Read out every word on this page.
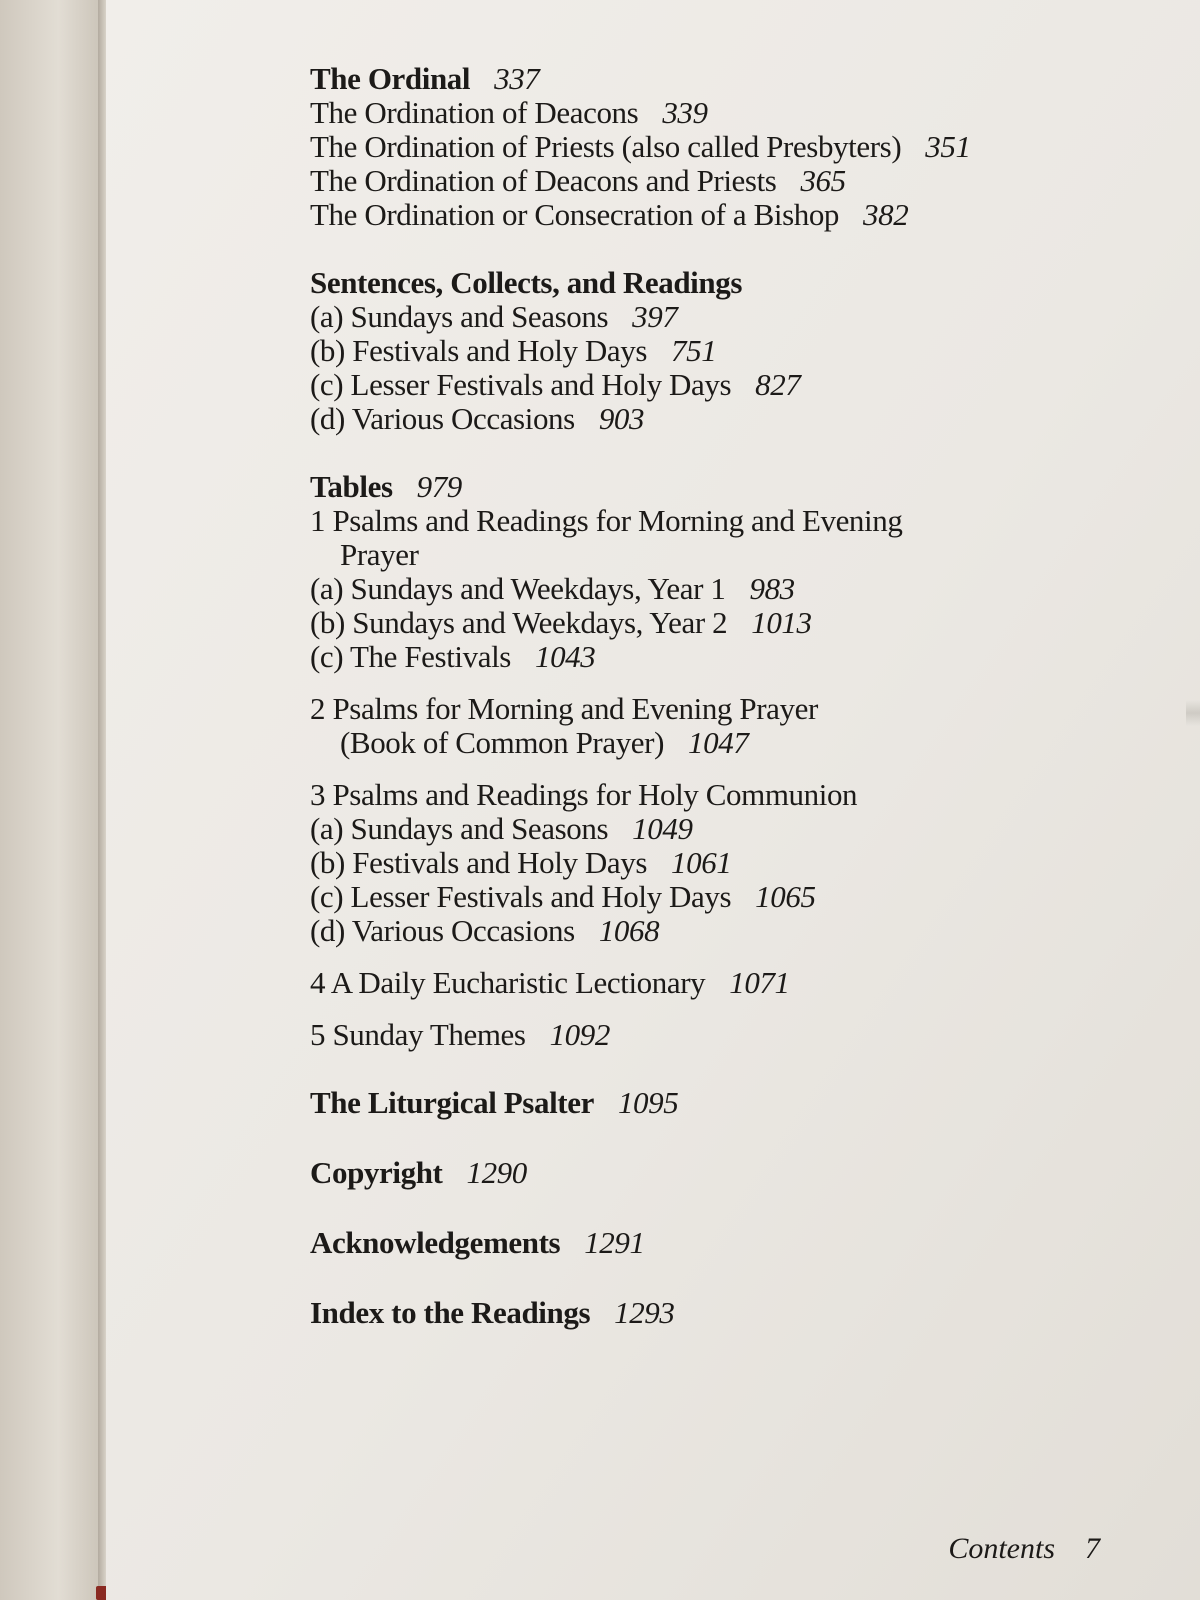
The Ordinal 337
The Ordination of Deacons 339
The Ordination of Priests (also called Presbyters) 351
The Ordination of Deacons and Priests 365
The Ordination or Consecration of a Bishop 382
Sentences, Collects, and Readings
(a) Sundays and Seasons 397
(b) Festivals and Holy Days 751
(c) Lesser Festivals and Holy Days 827
(d) Various Occasions 903
Tables 979
1 Psalms and Readings for Morning and Evening
Prayer
(a) Sundays and Weekdays, Year 1 983
(b) Sundays and Weekdays, Year 2 1013
(c) The Festivals 1043
2 Psalms for Morning and Evening Prayer
(Book of Common Prayer) 1047
3 Psalms and Readings for Holy Communion
(a) Sundays and Seasons 1049
(b) Festivals and Holy Days 1061
(c) Lesser Festivals and Holy Days 1065
(d) Various Occasions 1068
4 A Daily Eucharistic Lectionary 1071
5 Sunday Themes 1092
The Liturgical Psalter 1095
Copyright 1290
Acknowledgements 1291
Index to the Readings 1293
Contents 7
